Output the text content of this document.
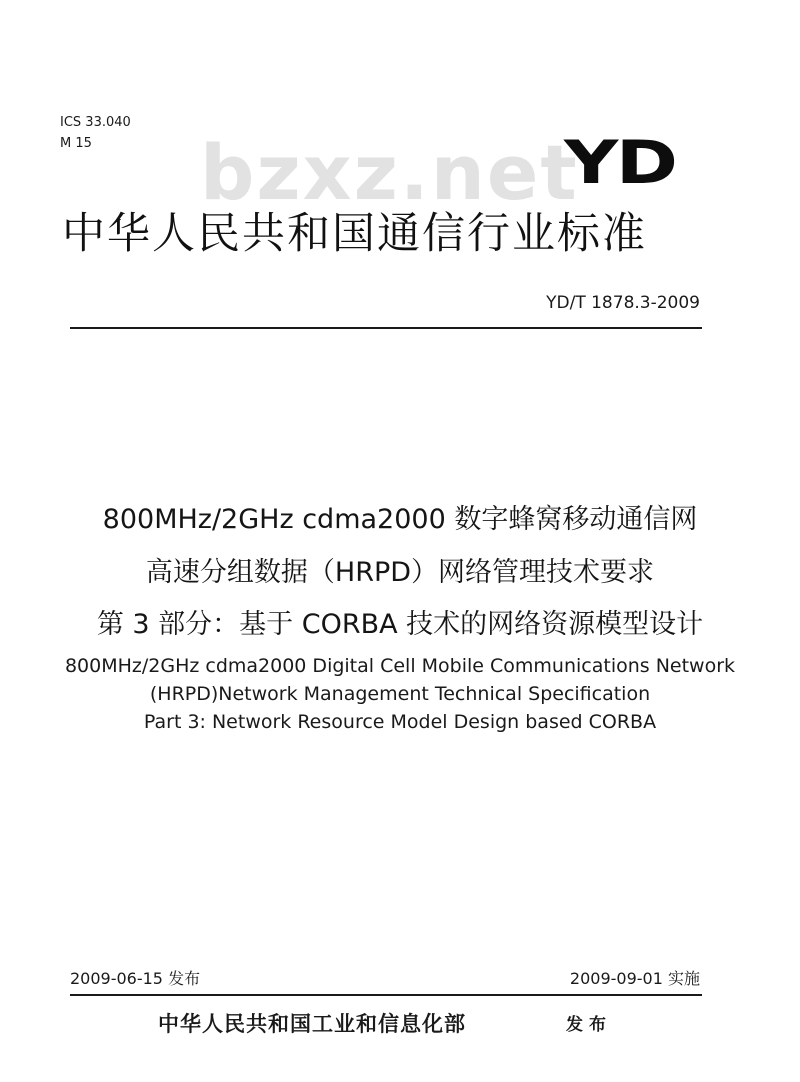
ICS 33.040
M 15 bzxz.net
YD
中华人民共和国通信行业标准
YD/T 1878.3-2009
800MHz/2GHz cdma2000 数字蜂窝移动通信网
高速分组数据（HRPD）网络管理技术要求
第 3 部分：基于 CORBA 技术的网络资源模型设计
800MHz/2GHz cdma2000 Digital Cell Mobile Communications Network
(HRPD)Network Management Technical Specification
Part 3: Network Resource Model Design based CORBA
2009-06-15 发布	2009-09-01 实施
中华人民共和国工业和信息化部	发布
